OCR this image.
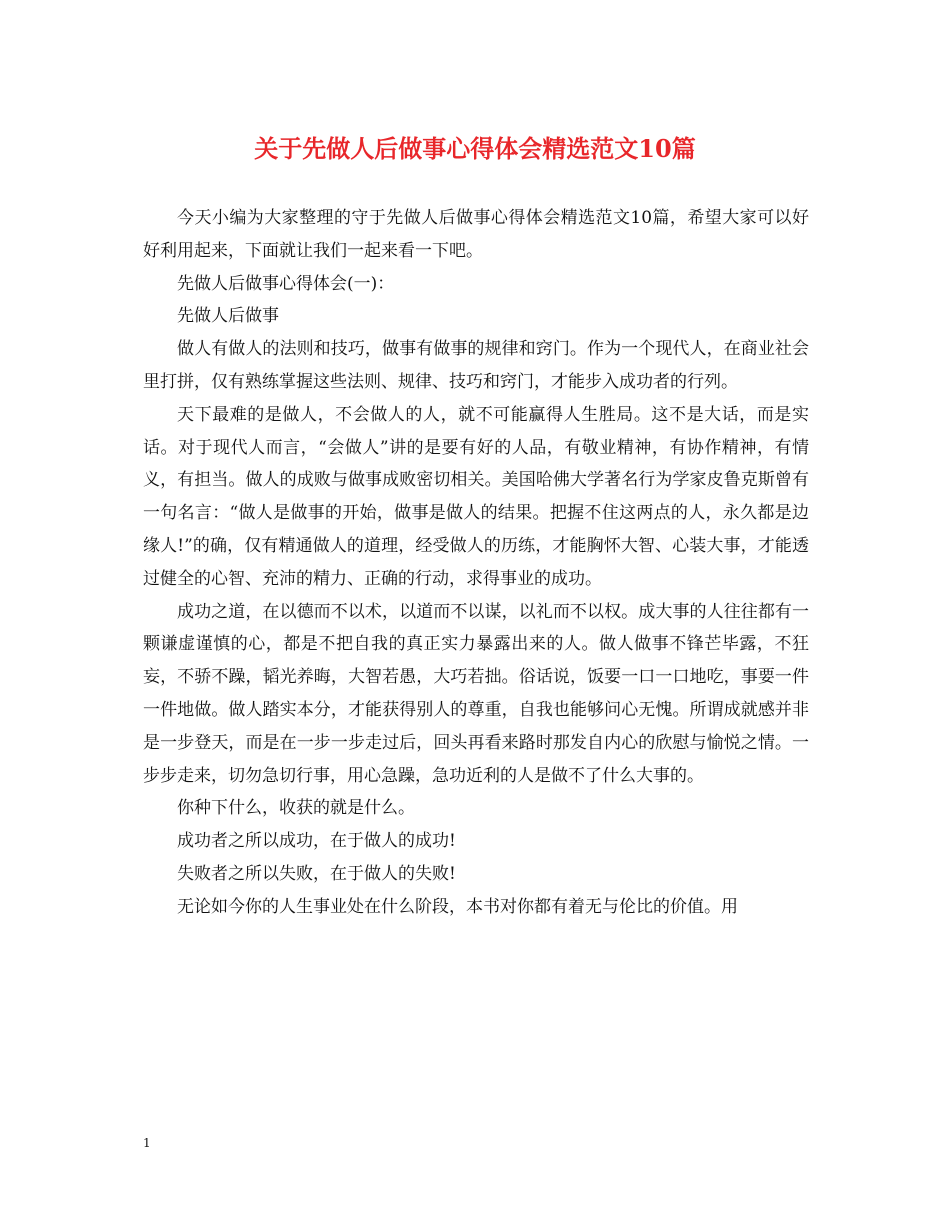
关于先做人后做事心得体会精选范文10篇

今天小编为大家整理的守于先做人后做事心得体会精选范文10篇，希望大家可以好好利用起来，下面就让我们一起来看一下吧。

先做人后做事心得体会(一)：

先做人后做事

做人有做人的法则和技巧，做事有做事的规律和窍门。作为一个现代人，在商业社会里打拼，仅有熟练掌握这些法则、规律、技巧和窍门，才能步入成功者的行列。

天下最难的是做人，不会做人的人，就不可能赢得人生胜局。这不是大话，而是实话。对于现代人而言，“会做人”讲的是要有好的人品，有敬业精神，有协作精神，有情义，有担当。做人的成败与做事成败密切相关。美国哈佛大学著名行为学家皮鲁克斯曾有一句名言：“做人是做事的开始，做事是做人的结果。把握不住这两点的人，永久都是边缘人!”的确，仅有精通做人的道理，经受做人的历练，才能胸怀大智、心装大事，才能透过健全的心智、充沛的精力、正确的行动，求得事业的成功。

成功之道，在以德而不以术，以道而不以谋，以礼而不以权。成大事的人往往都有一颗谦虚谨慎的心，都是不把自我的真正实力暴露出来的人。做人做事不锋芒毕露，不狂妄，不骄不躁，韬光养晦，大智若愚，大巧若拙。俗话说，饭要一口一口地吃，事要一件一件地做。做人踏实本分，才能获得别人的尊重，自我也能够问心无愧。所谓成就感并非是一步登天，而是在一步一步走过后，回头再看来路时那发自内心的欣慰与愉悦之情。一步步走来，切勿急切行事，用心急躁，急功近利的人是做不了什么大事的。

你种下什么，收获的就是什么。

成功者之所以成功，在于做人的成功!

失败者之所以失败，在于做人的失败!

无论如今你的人生事业处在什么阶段，本书对你都有着无与伦比的价值。用

1
